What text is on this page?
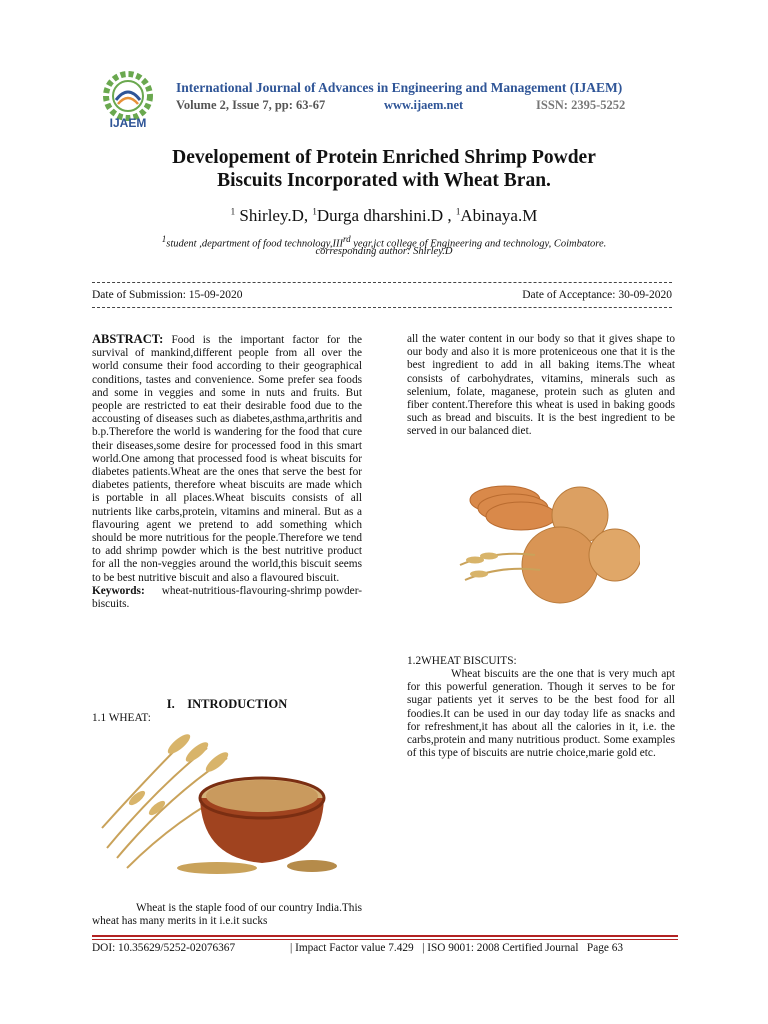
IJAEM
International Journal of Advances in Engineering and Management (IJAEM)
Volume 2, Issue 7, pp: 63-67	www.ijaem.net	ISSN: 2395-5252
Developement of Protein Enriched Shrimp Powder
Biscuits Incorporated with Wheat Bran.
$^1$ Shirley.D, $^1$Durga dharshini.D , $^1$Abinaya.M
$^1$student ,department of food technology,IIIrd year,jct college of Engineering and technology, Coimbatore.
corresponding author: Shirley.D
Date of Submission: 15-09-2020	Date of Acceptance: 30-09-2020
ABSTRACT: Food is the important factor for the survival of mankind,different people from all over the world consume their food according to their geographical conditions, tastes and convenience. Some prefer sea foods and some in veggies and some in nuts and fruits. But people are restricted to eat their desirable food due to the accousting of diseases such as diabetes,asthma,arthritis and b.p.Therefore the world is wandering for the food that cure their diseases,some desire for processed food in this smart world.One among that processed food is wheat biscuits for diabetes patients.Wheat are the ones that serve the best for diabetes patients, therefore wheat biscuits are made which is portable in all places.Wheat biscuits consists of all nutrients like carbs,protein, vitamins and mineral. But as a flavouring agent we pretend to add something which should be more nutritious for the people.Therefore we tend to add shrimp powder which is the best nutritive product for all the non-veggies around the world,this biscuit seems to be best nutritive biscuit and also a flavoured biscuit.
Keywords:      wheat-nutritious-flavouring-shrimp powder-biscuits.
I.    INTRODUCTION
1.1 WHEAT:
Wheat is the staple food of our country India.This wheat has many merits in it i.e.it sucks
all the water content in our body so that it gives shape to our body and also it is more proteniceous one that it is the best ingredient to add in all baking items.The wheat consists of carbohydrates, vitamins, minerals such as selenium, folate, maganese, protein such as gluten and fiber content.Therefore this wheat is used in baking goods such as bread and biscuits. It is the best ingredient to be served in our balanced diet.
1.2WHEAT BISCUITS:
Wheat biscuits are the one that is very much apt for this powerful generation. Though it serves to be for sugar patients yet it serves to be the best food for all foodies.It can be used in our day today life as snacks and for refreshment,it has about all the calories in it, i.e. the carbs,protein and many nutritious product. Some examples of this type of biscuits are nutrie choice,marie gold etc.
DOI: 10.35629/5252-02076367	| Impact Factor value 7.429   | ISO 9001: 2008 Certified Journal   Page 63
